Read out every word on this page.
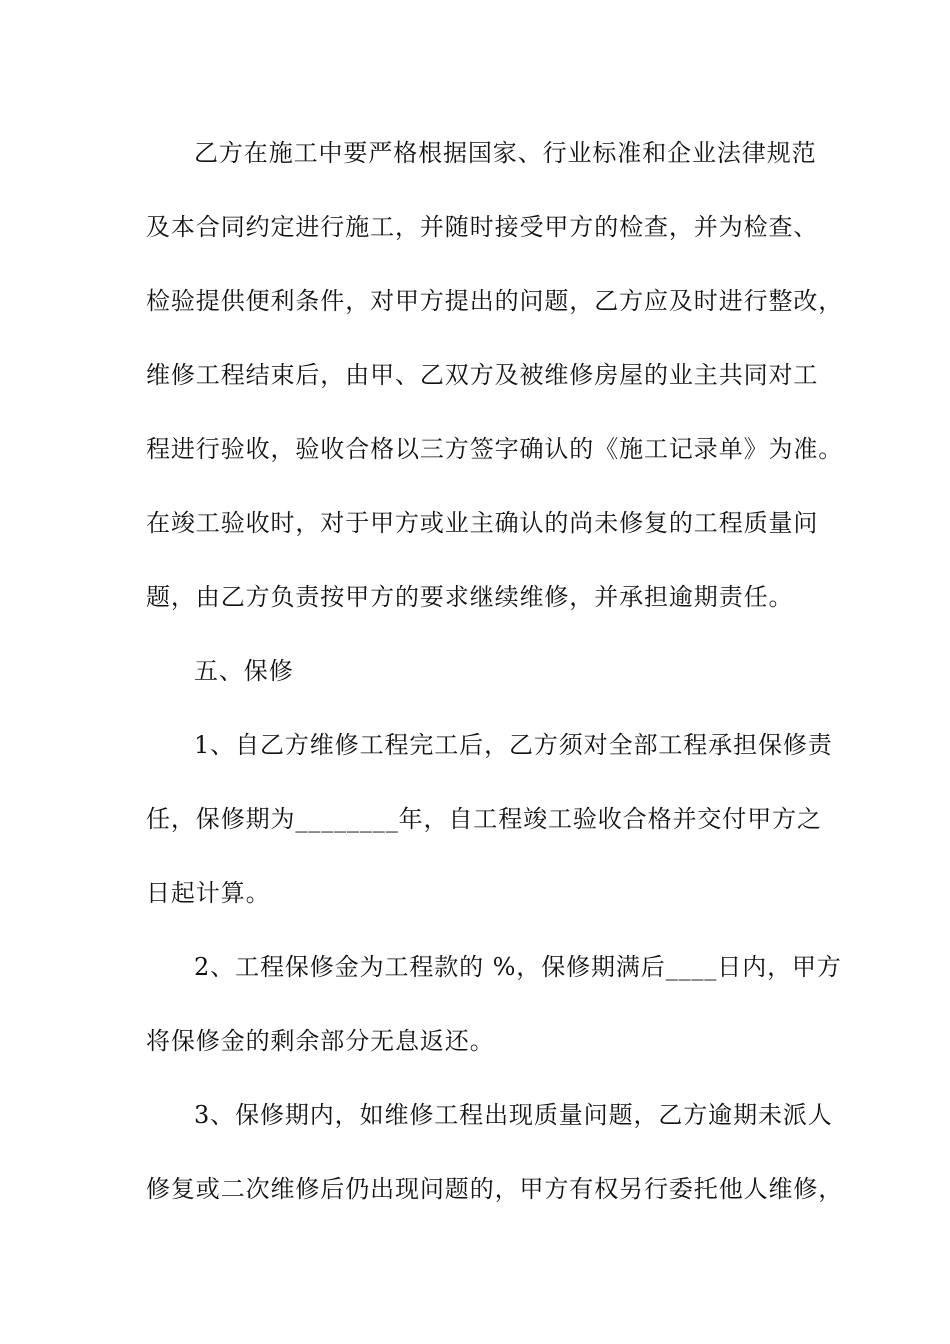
乙方在施工中要严格根据国家、行业标准和企业法律规范
及本合同约定进行施工，并随时接受甲方的检查，并为检查、
检验提供便利条件，对甲方提出的问题，乙方应及时进行整改，
维修工程结束后，由甲、乙双方及被维修房屋的业主共同对工
程进行验收，验收合格以三方签字确认的《施工记录单》为准。
在竣工验收时，对于甲方或业主确认的尚未修复的工程质量问
题，由乙方负责按甲方的要求继续维修，并承担逾期责任。
五、保修
1、自乙方维修工程完工后，乙方须对全部工程承担保修责
任，保修期为________年，自工程竣工验收合格并交付甲方之
日起计算。
2、工程保修金为工程款的 %，保修期满后____日内，甲方
将保修金的剩余部分无息返还。
3、保修期内，如维修工程出现质量问题，乙方逾期未派人
修复或二次维修后仍出现问题的，甲方有权另行委托他人维修，
